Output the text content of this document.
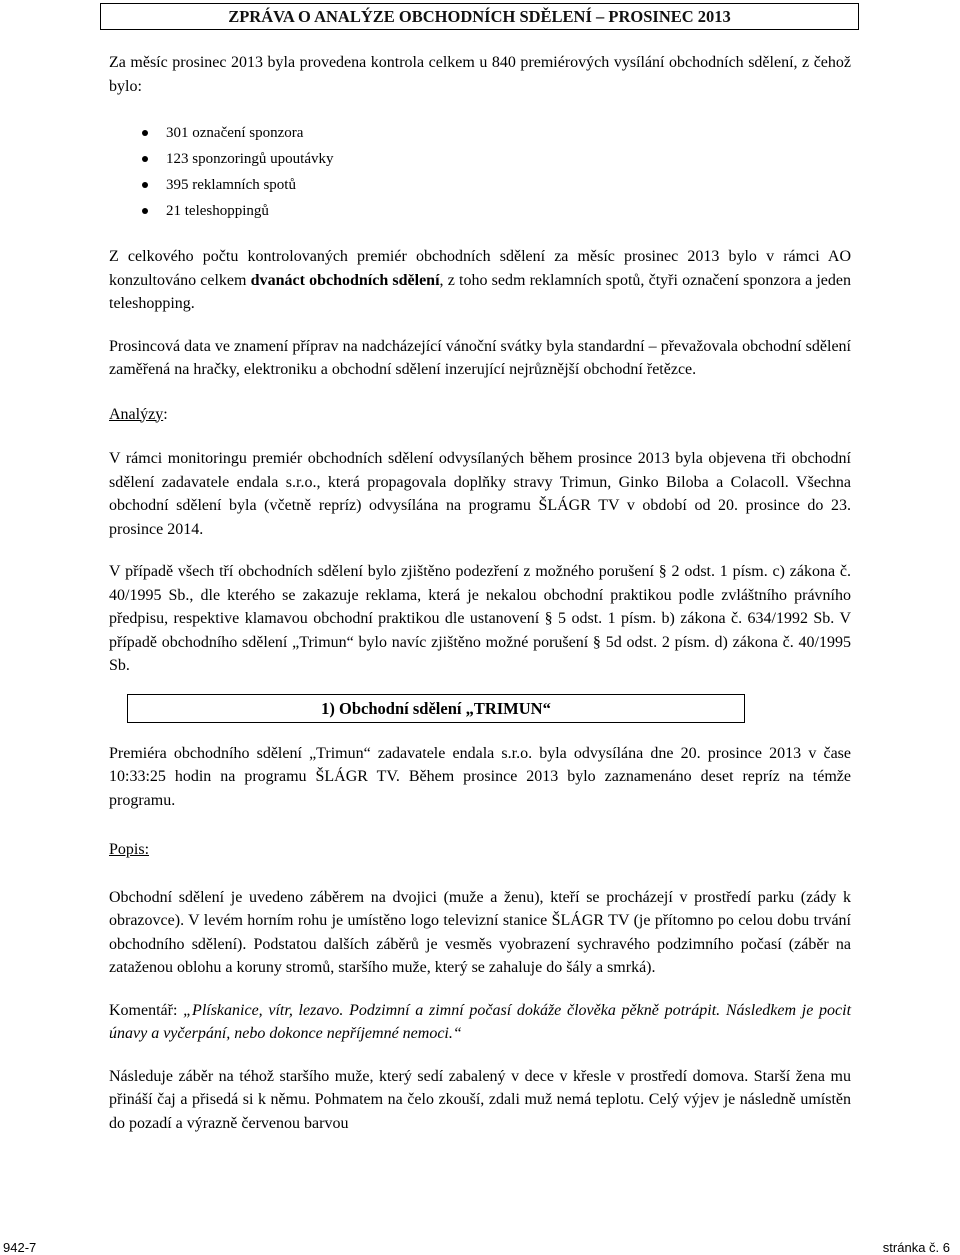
ZPRÁVA O ANALÝZE OBCHODNÍCH SDĚLENÍ – PROSINEC 2013

Za měsíc prosinec 2013 byla provedena kontrola celkem u 840 premiérových vysílání obchodních sdělení, z čehož bylo:

301 označení sponzora
123 sponzoringů upoutávky
395 reklamních spotů
21 teleshoppingů

Z celkového počtu kontrolovaných premiér obchodních sdělení za měsíc prosinec 2013 bylo v rámci AO konzultováno celkem dvanáct obchodních sdělení, z toho sedm reklamních spotů, čtyři označení sponzora a jeden teleshopping.

Prosincová data ve znamení příprav na nadcházející vánoční svátky byla standardní – převažovala obchodní sdělení zaměřená na hračky, elektroniku a obchodní sdělení inzerující nejrůznější obchodní řetězce.

Analýzy:

V rámci monitoringu premiér obchodních sdělení odvysílaných během prosince 2013 byla objevena tři obchodní sdělení zadavatele endala s.r.o., která propagovala doplňky stravy Trimun, Ginko Biloba a Colacoll. Všechna obchodní sdělení byla (včetně repríz) odvysílána na programu ŠLÁGR TV v období od 20. prosince do 23. prosince 2014.

V případě všech tří obchodních sdělení bylo zjištěno podezření z možného porušení § 2 odst. 1 písm. c) zákona č. 40/1995 Sb., dle kterého se zakazuje reklama, která je nekalou obchodní praktikou podle zvláštního právního předpisu, respektive klamavou obchodní praktikou dle ustanovení § 5 odst. 1 písm. b) zákona č. 634/1992 Sb. V případě obchodního sdělení „Trimun“ bylo navíc zjištěno možné porušení § 5d odst. 2 písm. d) zákona č. 40/1995 Sb.

1) Obchodní sdělení „TRIMUN“

Premiéra obchodního sdělení „Trimun“ zadavatele endala s.r.o. byla odvysílána dne 20. prosince 2013 v čase 10:33:25 hodin na programu ŠLÁGR TV. Během prosince 2013 bylo zaznamenáno deset repríz na témže programu.

Popis:

Obchodní sdělení je uvedeno záběrem na dvojici (muže a ženu), kteří se procházejí v prostředí parku (zády k obrazovce). V levém horním rohu je umístěno logo televizní stanice ŠLÁGR TV (je přítomno po celou dobu trvání obchodního sdělení). Podstatou dalších záběrů je vesměs vyobrazení sychravého podzimního počasí (záběr na zataženou oblohu a koruny stromů, staršího muže, který se zahaluje do šály a smrká).

Komentář: „Plískanice, vítr, lezavo. Podzimní a zimní počasí dokáže člověka pěkně potrápit. Následkem je pocit únavy a vyčerpání, nebo dokonce nepříjemné nemoci.“

Následuje záběr na téhož staršího muže, který sedí zabalený v dece v křesle v prostředí domova. Starší žena mu přináší čaj a přisedá si k němu. Pohmatem na čelo zkouší, zdali muž nemá teplotu. Celý výjev je následně umístěn do pozadí a výrazně červenou barvou

942-7	stránka č. 6
